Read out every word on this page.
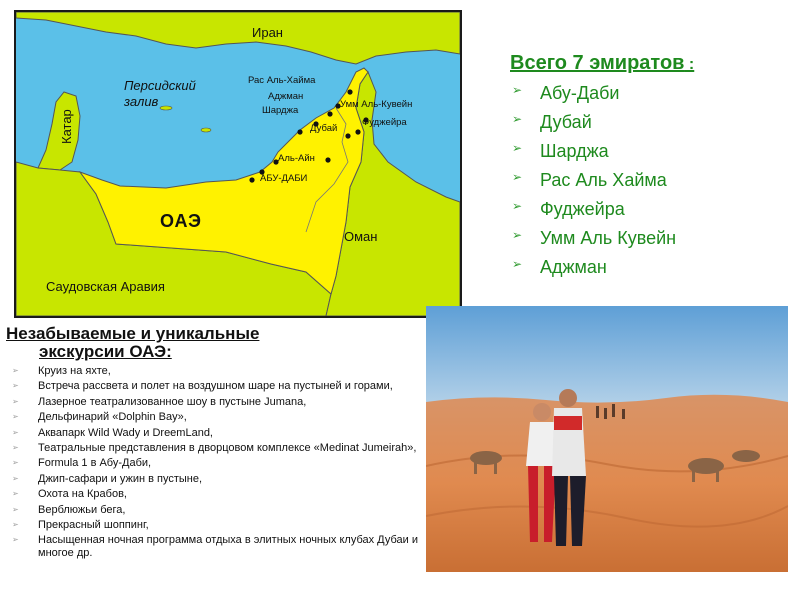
Иран
Персидский
залив
Катар
Рас Аль-Хайма
Аджман
Шарджа
Умм Аль-Кувейн
Дубай
Фуджейра
Аль-Айн
АБУ-ДАБИ
ОАЭ
Оман
Саудовская Аравия
Всего 7 эмиратов :
➢ Абу-Даби
➢ Дубай
➢ Шарджа
➢ Рас Аль Хайма
➢ Фуджейра
➢ Умм Аль Кувейн
➢ Аджман
Незабываемые и уникальные
экскурсии ОАЭ:
➢ Круиз на яхте,
➢ Встреча рассвета и полет на воздушном шаре на пустыней и горами,
➢ Лазерное театрализованное шоу в пустыне Jumana,
➢ Дельфинарий «Dolphin Bay»,
➢ Аквапарк Wild Wady и DreemLand,
➢ Театральные представления в дворцовом комплексе «Medinat Jumeirah»,
➢ Formula 1 в Абу-Даби,
➢ Джип-сафари и ужин в пустыне,
➢ Охота на Крабов,
➢ Верблюжьи бега,
➢ Прекрасный шоппинг,
➢ Насыщенная ночная программа отдыха в элитных ночных клубах Дубаи и многое др.
